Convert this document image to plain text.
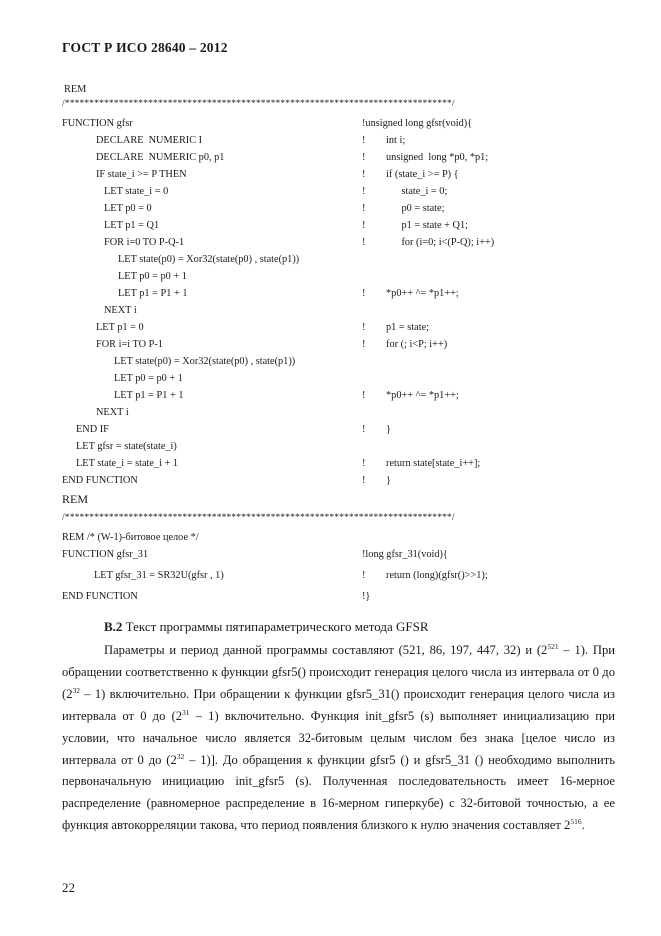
ГОСТ Р ИСО 28640 – 2012
REM
/*******************************************************************************/
FUNCTION gfsr	!unsigned long gfsr(void){
DECLARE  NUMERIC I	!        int i;
DECLARE  NUMERIC p0, p1	!        unsigned  long *p0, *p1;
IF state_i >= P THEN	!        if (state_i >= P) {
LET state_i = 0	!              state_i = 0;
LET p0 = 0	!              p0 = state;
LET p1 = Q1	!              p1 = state + Q1;
FOR i=0 TO P-Q-1	!              for (i=0; i<(P-Q); i++)
LET state(p0) = Xor32(state(p0) , state(p1))
LET p0 = p0 + 1
LET p1 = P1 + 1	!        *p0++ ^= *p1++;
NEXT i
LET p1 = 0	!        p1 = state;
FOR i=i TO P-1	!        for (; i<P; i++)
LET state(p0) = Xor32(state(p0) , state(p1))
LET p0 = p0 + 1
LET p1 = P1 + 1	!        *p0++ ^= *p1++;
NEXT i
END IF	!        }
LET gfsr = state(state_i)
LET state_i = state_i + 1	!        return state[state_i++];
END FUNCTION	!        }
REM
/*******************************************************************************/
REM /* (W-1)-битовое целое */
FUNCTION gfsr_31	!long gfsr_31(void){
LET gfsr_31 = SR32U(gfsr , 1)	!        return (long)(gfsr()>>1);
END FUNCTION	!}
В.2 Текст программы пятипараметрического метода GFSR
Параметры и период данной программы составляют (521, 86, 197, 447, 32) и $(2^{521} - 1)$. При обращении соответственно к функции gfsr5() происходит генерация целого числа из интервала от 0 до $(2^{32} - 1)$ включительно. При обращении к функции gfsr5_31() происходит генерация целого числа из интервала от 0 до $(2^{31} - 1)$ включительно. Функция init_gfsr5 (s) выполняет инициализацию при условии, что начальное число является 32-битовым целым числом без знака [целое число из интервала от 0 до $(2^{32} - 1)$]. До обращения к функции gfsr5 () и gfsr5_31 () необходимо выполнить первоначальную инициацию init_gfsr5 (s). Полученная последовательность имеет 16-мерное распределение (равномерное распределение в 16-мерном гиперкубе) с 32-битовой точностью, а ее функция автокорреляции такова, что период появления близкого к нулю значения составляет $2^{516}$.
22
